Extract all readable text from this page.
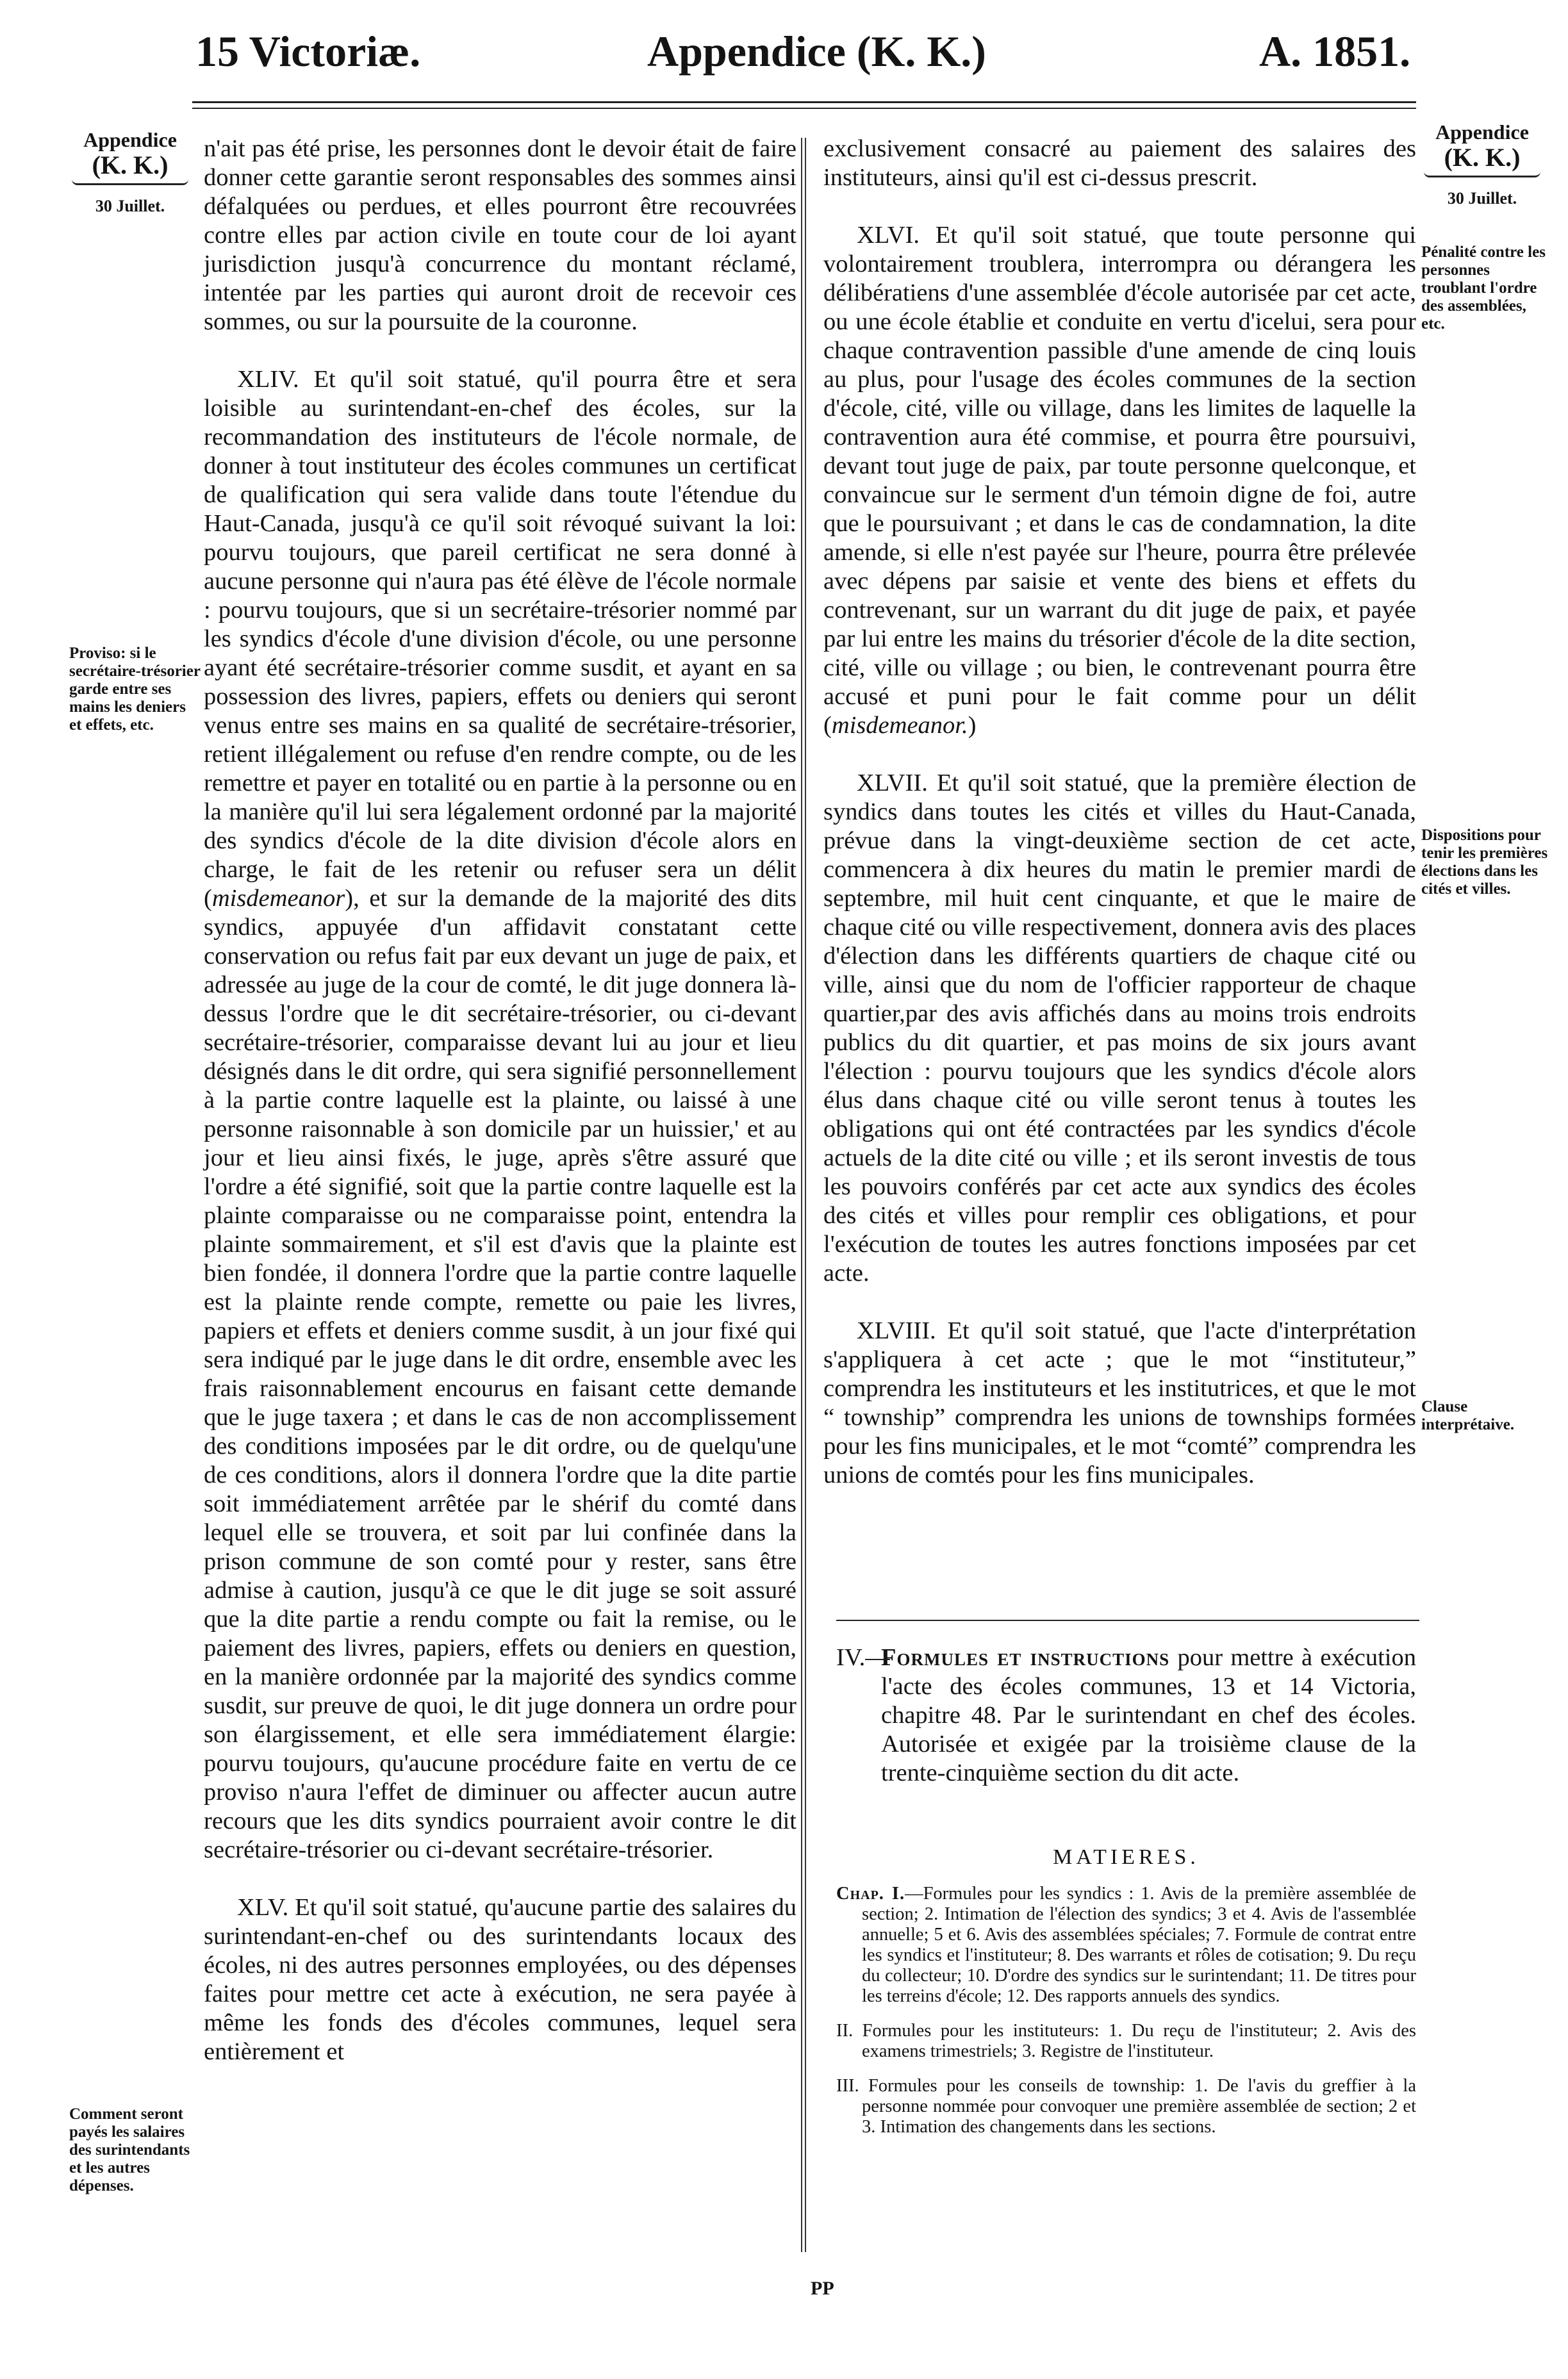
15 Victoriæ.	Appendice (K. K.)	A. 1851.
Appendice
(K. K.)
30 Juillet.
Proviso: si le secrétaire-trésorier garde entre ses mains les deniers et effets, etc.
Comment seront payés les salaires des surintendants et les autres dépenses.
Appendice
(K. K.)
30 Juillet.
Pénalité contre les personnes troublant l'ordre des assemblées, etc.
Dispositions pour tenir les premières élections dans les cités et villes.
Clause interprétaive.

n'ait pas été prise, les personnes dont le devoir était de faire donner cette garantie seront responsables des sommes ainsi défalquées ou perdues, et elles pourront être recouvrées contre elles par action civile en toute cour de loi ayant jurisdiction jusqu'à concurrence du montant réclamé, intentée par les parties qui auront droit de recevoir ces sommes, ou sur la poursuite de la couronne.

XLIV. Et qu'il soit statué, qu'il pourra être et sera loisible au surintendant-en-chef des écoles, sur la recommandation des instituteurs de l'école normale, de donner à tout instituteur des écoles communes un certificat de qualification qui sera valide dans toute l'étendue du Haut-Canada, jusqu'à ce qu'il soit révoqué suivant la loi: pourvu toujours, que pareil certificat ne sera donné à aucune personne qui n'aura pas été élève de l'école normale : pourvu toujours, que si un secrétaire-trésorier nommé par les syndics d'école d'une division d'école, ou une personne ayant été secrétaire-trésorier comme susdit, et ayant en sa possession des livres, papiers, effets ou deniers qui seront venus entre ses mains en sa qualité de secrétaire-trésorier, retient illégalement ou refuse d'en rendre compte, ou de les remettre et payer en totalité ou en partie à la personne ou en la manière qu'il lui sera légalement ordonné par la majorité des syndics d'école de la dite division d'école alors en charge, le fait de les retenir ou refuser sera un délit (misdemeanor), et sur la demande de la majorité des dits syndics, appuyée d'un affidavit constatant cette conservation ou refus fait par eux devant un juge de paix, et adressée au juge de la cour de comté, le dit juge donnera là-dessus l'ordre que le dit secrétaire-trésorier, ou ci-devant secrétaire-trésorier, comparaisse devant lui au jour et lieu désignés dans le dit ordre, qui sera signifié personnellement à la partie contre laquelle est la plainte, ou laissé à une personne raisonnable à son domicile par un huissier,' et au jour et lieu ainsi fixés, le juge, après s'être assuré que l'ordre a été signifié, soit que la partie contre laquelle est la plainte comparaisse ou ne comparaisse point, entendra la plainte sommairement, et s'il est d'avis que la plainte est bien fondée, il donnera l'ordre que la partie contre laquelle est la plainte rende compte, remette ou paie les livres, papiers et effets et deniers comme susdit, à un jour fixé qui sera indiqué par le juge dans le dit ordre, ensemble avec les frais raisonnablement encourus en faisant cette demande que le juge taxera ; et dans le cas de non accomplissement des conditions imposées par le dit ordre, ou de quelqu'une de ces conditions, alors il donnera l'ordre que la dite partie soit immédiatement arrêtée par le shérif du comté dans lequel elle se trouvera, et soit par lui confinée dans la prison commune de son comté pour y rester, sans être admise à caution, jusqu'à ce que le dit juge se soit assuré que la dite partie a rendu compte ou fait la remise, ou le paiement des livres, papiers, effets ou deniers en question, en la manière ordonnée par la majorité des syndics comme susdit, sur preuve de quoi, le dit juge donnera un ordre pour son élargissement, et elle sera immédiatement élargie: pourvu toujours, qu'aucune procédure faite en vertu de ce proviso n'aura l'effet de diminuer ou affecter aucun autre recours que les dits syndics pourraient avoir contre le dit secrétaire-trésorier ou ci-devant secrétaire-trésorier.

XLV. Et qu'il soit statué, qu'aucune partie des salaires du surintendant-en-chef ou des surintendants locaux des écoles, ni des autres personnes employées, ou des dépenses faites pour mettre cet acte à exécution, ne sera payée à même les fonds des d'écoles communes, lequel sera entièrement et

exclusivement consacré au paiement des salaires des instituteurs, ainsi qu'il est ci-dessus prescrit.

XLVI. Et qu'il soit statué, que toute personne qui volontairement troublera, interrompra ou dérangera les délibératiens d'une assemblée d'école autorisée par cet acte, ou une école établie et conduite en vertu d'icelui, sera pour chaque contravention passible d'une amende de cinq louis au plus, pour l'usage des écoles communes de la section d'école, cité, ville ou village, dans les limites de laquelle la contravention aura été commise, et pourra être poursuivi, devant tout juge de paix, par toute personne quelconque, et convaincue sur le serment d'un témoin digne de foi, autre que le poursuivant ; et dans le cas de condamnation, la dite amende, si elle n'est payée sur l'heure, pourra être prélevée avec dépens par saisie et vente des biens et effets du contrevenant, sur un warrant du dit juge de paix, et payée par lui entre les mains du trésorier d'école de la dite section, cité, ville ou village ; ou bien, le contrevenant pourra être accusé et puni pour le fait comme pour un délit (misdemeanor.)

XLVII. Et qu'il soit statué, que la première élection de syndics dans toutes les cités et villes du Haut-Canada, prévue dans la vingt-deuxième section de cet acte, commencera à dix heures du matin le premier mardi de septembre, mil huit cent cinquante, et que le maire de chaque cité ou ville respectivement, donnera avis des places d'élection dans les différents quartiers de chaque cité ou ville, ainsi que du nom de l'officier rapporteur de chaque quartier,par des avis affichés dans au moins trois endroits publics du dit quartier, et pas moins de six jours avant l'élection : pourvu toujours que les syndics d'école alors élus dans chaque cité ou ville seront tenus à toutes les obligations qui ont été contractées par les syndics d'école actuels de la dite cité ou ville ; et ils seront investis de tous les pouvoirs conférés par cet acte aux syndics des écoles des cités et villes pour remplir ces obligations, et pour l'exécution de toutes les autres fonctions imposées par cet acte.

XLVIII. Et qu'il soit statué, que l'acte d'interprétation s'appliquera à cet acte ; que le mot “instituteur,” comprendra les instituteurs et les institutrices, et que le mot “ township” comprendra les unions de townships formées pour les fins municipales, et le mot “comté” comprendra les unions de comtés pour les fins municipales.

IV.—
Formules et instructions pour mettre à exécution l'acte des écoles communes, 13 et 14 Victoria, chapitre 48. Par le surintendant en chef des écoles. Autorisée et exigée par la troisième clause de la trente-cinquième section du dit acte.
MATIERES.

Chap. I.—Formules pour les syndics : 1. Avis de la première assemblée de section; 2. Intimation de l'élection des syndics; 3 et 4. Avis de l'assemblée annuelle; 5 et 6. Avis des assemblées spéciales; 7. Formule de contrat entre les syndics et l'instituteur; 8. Des warrants et rôles de cotisation; 9. Du reçu du collecteur; 10. D'ordre des syndics sur le surintendant; 11. De titres pour les terreins d'école; 12. Des rapports annuels des syndics.

II. Formules pour les instituteurs: 1. Du reçu de l'instituteur; 2. Avis des examens trimestriels; 3. Registre de l'instituteur.

III. Formules pour les conseils de township: 1. De l'avis du greffier à la personne nommée pour convoquer une première assemblée de section; 2 et 3. Intimation des changements dans les sections.

PP
